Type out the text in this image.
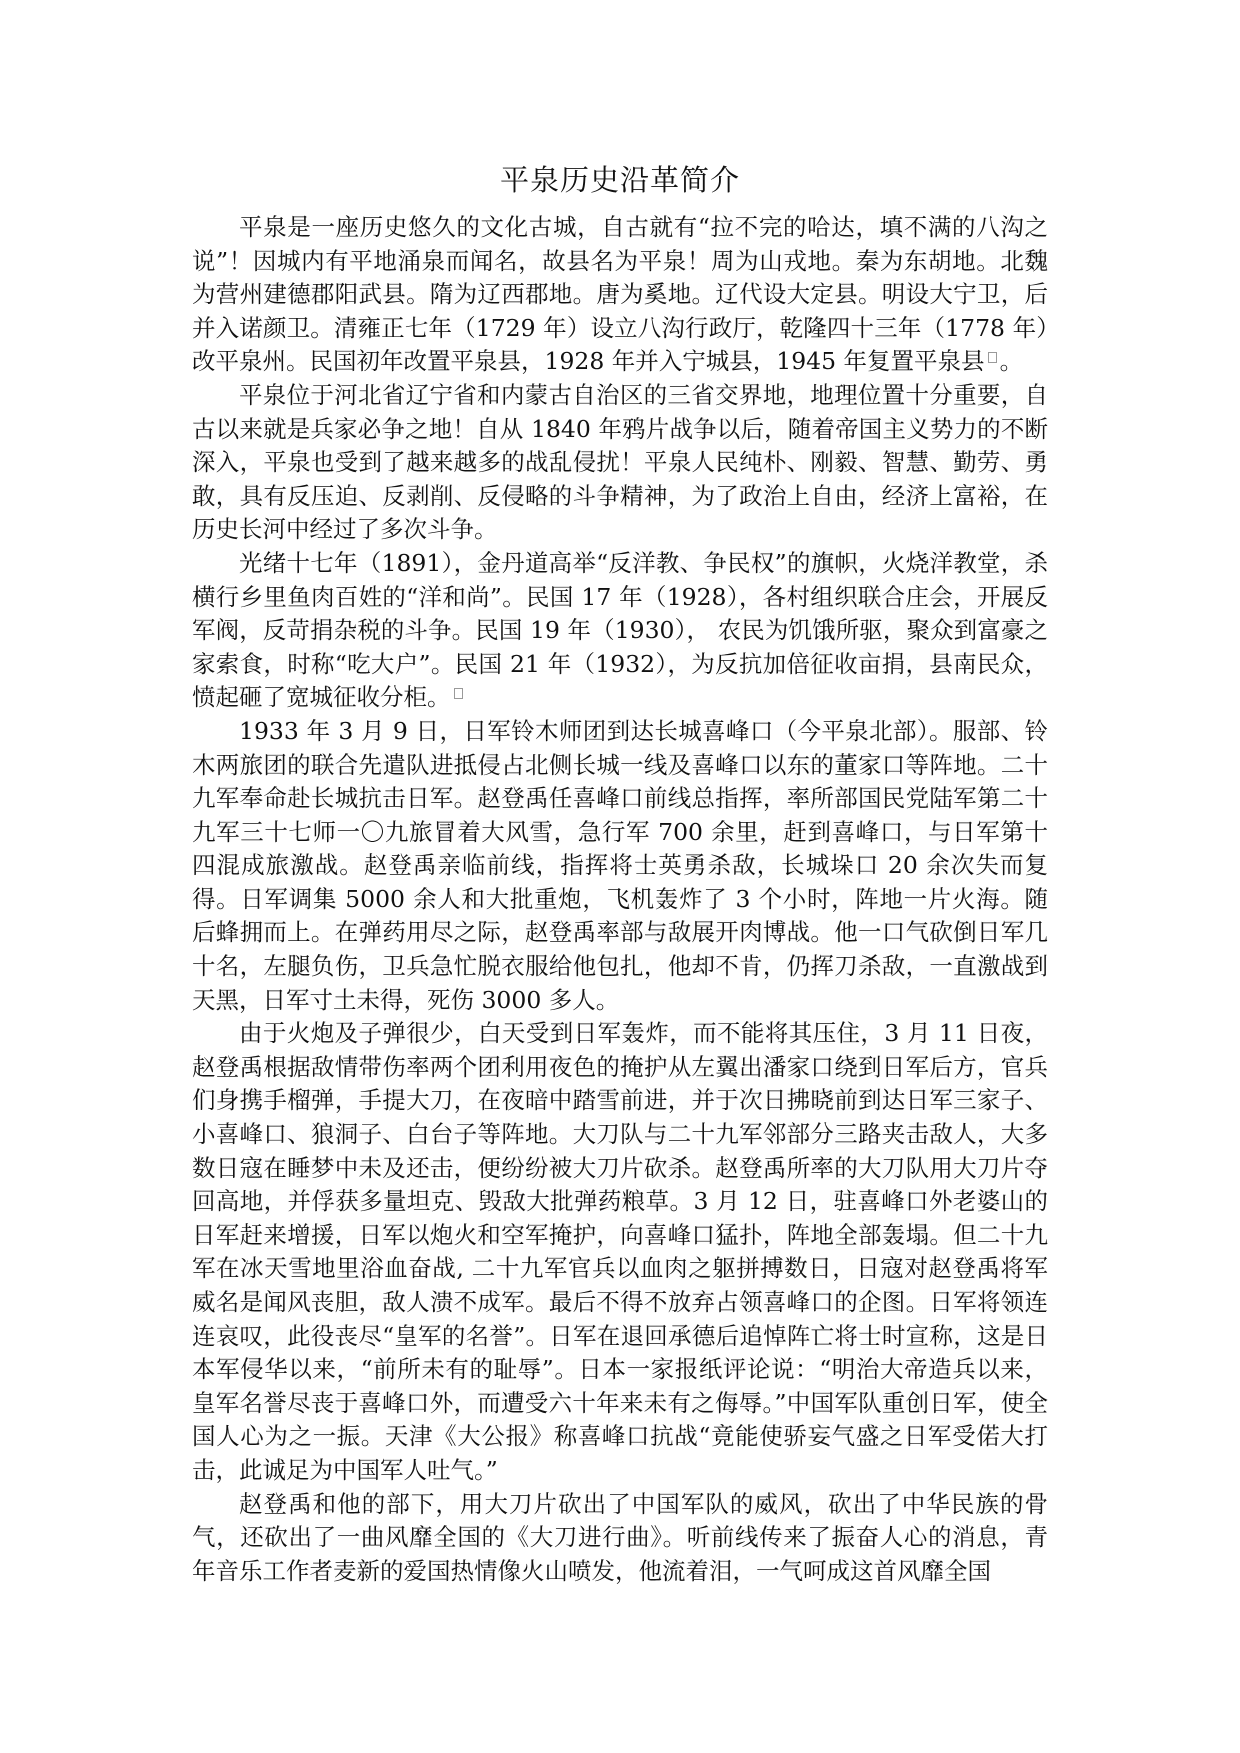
平泉历史沿革简介

平泉是一座历史悠久的文化古城，自古就有“拉不完的哈达，填不满的八沟之说”！因城内有平地涌泉而闻名，故县名为平泉！周为山戎地。秦为东胡地。北魏为营州建德郡阳武县。隋为辽西郡地。唐为奚地。辽代设大定县。明设大宁卫，后并入诺颜卫。清雍正七年（1729 年）设立八沟行政厅，乾隆四十三年（1778 年）改平泉州。民国初年改置平泉县，1928 年并入宁城县，1945 年复置平泉县 。

平泉位于河北省辽宁省和内蒙古自治区的三省交界地，地理位置十分重要，自古以来就是兵家必争之地！自从 1840 年鸦片战争以后，随着帝国主义势力的不断深入，平泉也受到了越来越多的战乱侵扰！平泉人民纯朴、刚毅、智慧、勤劳、勇敢，具有反压迫、反剥削、反侵略的斗争精神，为了政治上自由，经济上富裕，在历史长河中经过了多次斗争。

光绪十七年（1891），金丹道高举“反洋教、争民权”的旗帜，火烧洋教堂，杀横行乡里鱼肉百姓的“洋和尚”。民国 17 年（1928），各村组织联合庄会，开展反军阀，反苛捐杂税的斗争。民国 19 年（1930）， 农民为饥饿所驱，聚众到富豪之家索食，时称“吃大户”。民国 21 年（1932），为反抗加倍征收亩捐，县南民众，愤起砸了宽城征收分柜。

1933 年 3 月 9 日，日军铃木师团到达长城喜峰口（今平泉北部）。服部、铃木两旅团的联合先遣队进抵侵占北侧长城一线及喜峰口以东的董家口等阵地。二十九军奉命赴长城抗击日军。赵登禹任喜峰口前线总指挥，率所部国民党陆军第二十九军三十七师一〇九旅冒着大风雪，急行军 700 余里，赶到喜峰口，与日军第十四混成旅激战。赵登禹亲临前线，指挥将士英勇杀敌，长城垛口 20 余次失而复得。日军调集 5000 余人和大批重炮，飞机轰炸了 3 个小时，阵地一片火海。随后蜂拥而上。在弹药用尽之际，赵登禹率部与敌展开肉博战。他一口气砍倒日军几十名，左腿负伤，卫兵急忙脱衣服给他包扎，他却不肯，仍挥刀杀敌，一直激战到天黑，日军寸土未得，死伤 3000 多人。

由于火炮及子弹很少，白天受到日军轰炸，而不能将其压住，3 月 11 日夜，赵登禹根据敌情带伤率两个团利用夜色的掩护从左翼出潘家口绕到日军后方，官兵们身携手榴弹，手提大刀，在夜暗中踏雪前进，并于次日拂晓前到达日军三家子、小喜峰口、狼洞子、白台子等阵地。大刀队与二十九军邻部分三路夹击敌人，大多数日寇在睡梦中未及还击，便纷纷被大刀片砍杀。赵登禹所率的大刀队用大刀片夺回高地，并俘获多量坦克、毁敌大批弹药粮草。3 月 12 日，驻喜峰口外老婆山的日军赶来增援，日军以炮火和空军掩护，向喜峰口猛扑，阵地全部轰塌。但二十九军在冰天雪地里浴血奋战, 二十九军官兵以血肉之躯拼搏数日，日寇对赵登禹将军威名是闻风丧胆，敌人溃不成军。最后不得不放弃占领喜峰口的企图。日军将领连连哀叹，此役丧尽“皇军的名誉”。日军在退回承德后追悼阵亡将士时宣称，这是日本军侵华以来，“前所未有的耻辱”。日本一家报纸评论说：“明治大帝造兵以来，皇军名誉尽丧于喜峰口外，而遭受六十年来未有之侮辱。”中国军队重创日军，使全国人心为之一振。天津《大公报》称喜峰口抗战“竟能使骄妄气盛之日军受偌大打击，此诚足为中国军人吐气。”

赵登禹和他的部下，用大刀片砍出了中国军队的威风，砍出了中华民族的骨气，还砍出了一曲风靡全国的《大刀进行曲》。听前线传来了振奋人心的消息，青年音乐工作者麦新的爱国热情像火山喷发，他流着泪，一气呵成这首风靡全国
